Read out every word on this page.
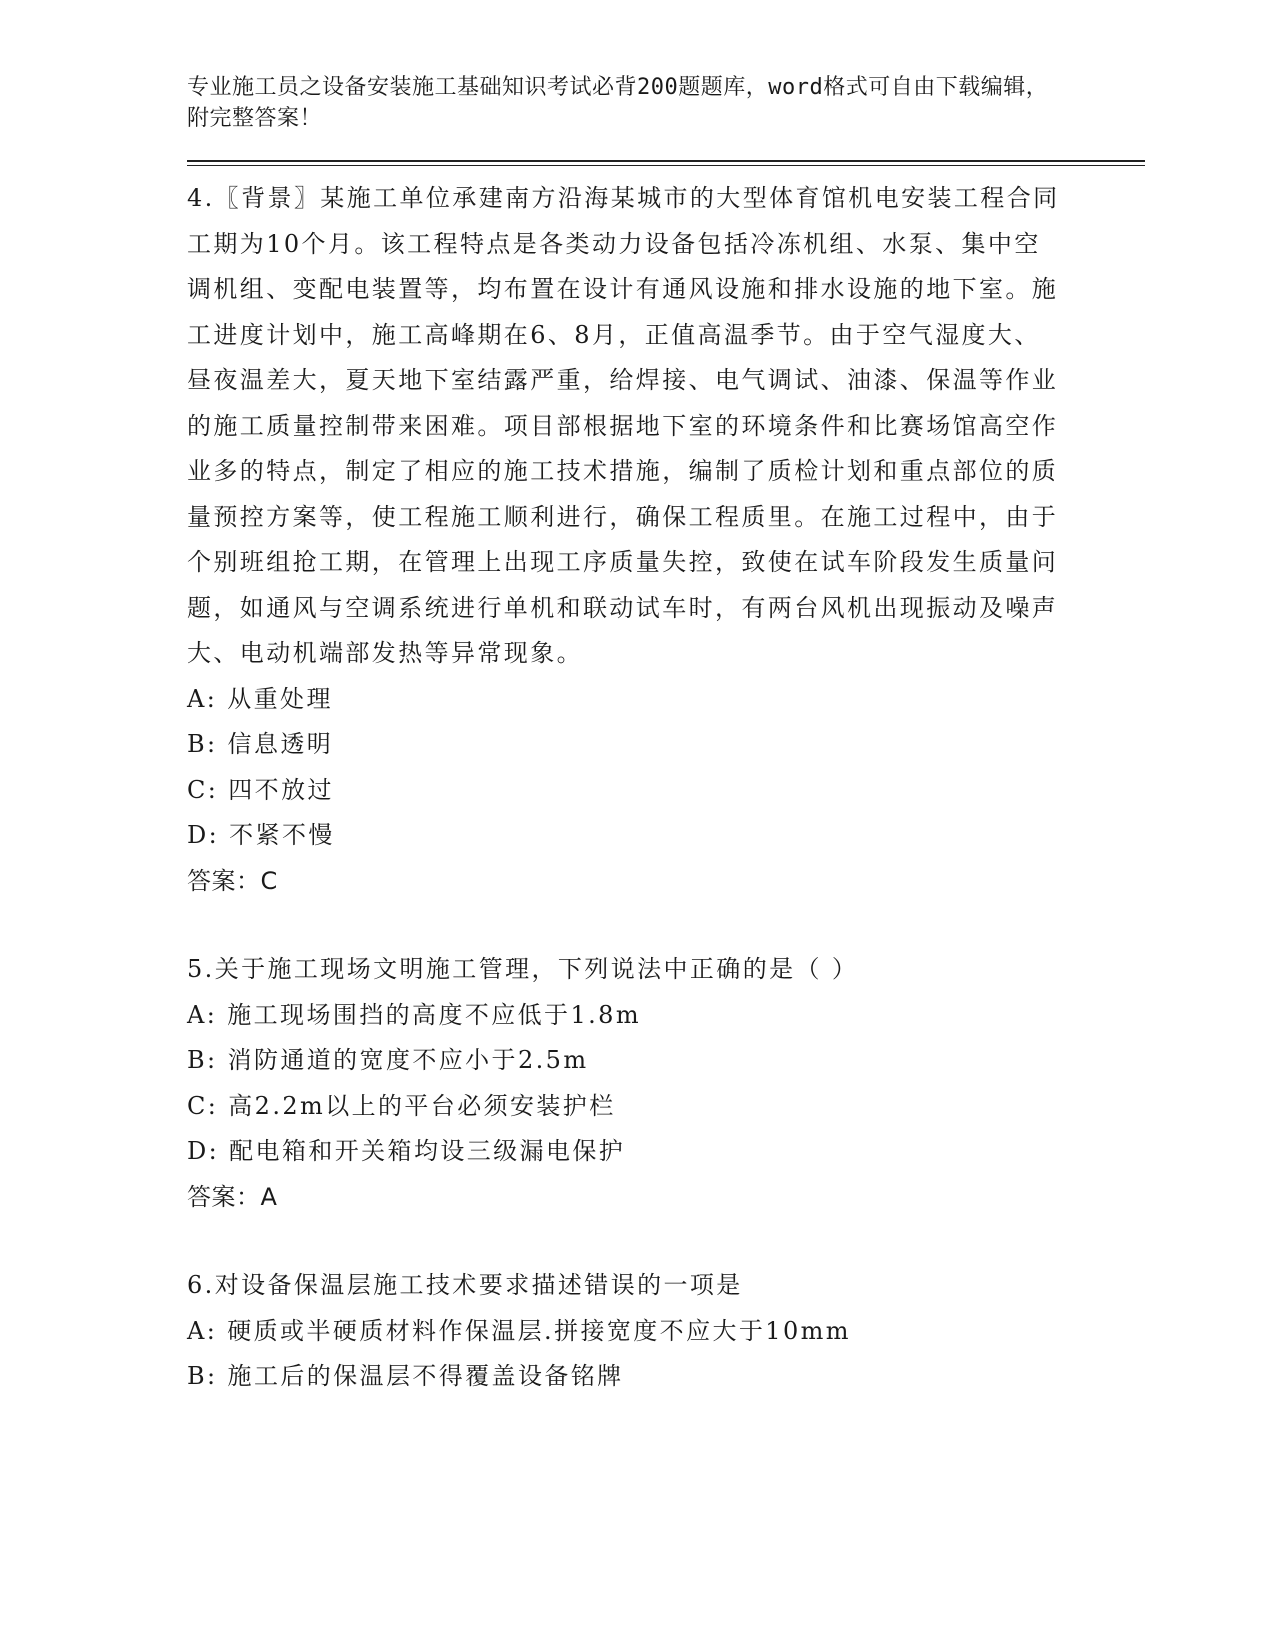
专业施工员之设备安装施工基础知识考试必背200题题库，word格式可自由下载编辑，附完整答案！

4.〖背景〗某施工单位承建南方沿海某城市的大型体育馆机电安装工程合同工期为10个月。该工程特点是各类动力设备包括冷冻机组、水泵、集中空调机组、变配电装置等，均布置在设计有通风设施和排水设施的地下室。施工进度计划中，施工高峰期在6、8月，正值高温季节。由于空气湿度大、昼夜温差大，夏天地下室结露严重，给焊接、电气调试、油漆、保温等作业的施工质量控制带来困难。项目部根据地下室的环境条件和比赛场馆高空作业多的特点，制定了相应的施工技术措施，编制了质检计划和重点部位的质量预控方案等，使工程施工顺利进行，确保工程质里。在施工过程中，由于个别班组抢工期，在管理上出现工序质量失控，致使在试车阶段发生质量问题，如通风与空调系统进行单机和联动试车时，有两台风机出现振动及噪声大、电动机端部发热等异常现象。

A: 从重处理
B: 信息透明
C: 四不放过
D: 不紧不慢
答案：C

5.关于施工现场文明施工管理，下列说法中正确的是（ ）

A: 施工现场围挡的高度不应低于1.8m
B: 消防通道的宽度不应小于2.5m
C: 高2.2m以上的平台必须安装护栏
D: 配电箱和开关箱均设三级漏电保护
答案：A

6.对设备保温层施工技术要求描述错误的一项是

A: 硬质或半硬质材料作保温层.拼接宽度不应大于10mm
B: 施工后的保温层不得覆盖设备铭牌
